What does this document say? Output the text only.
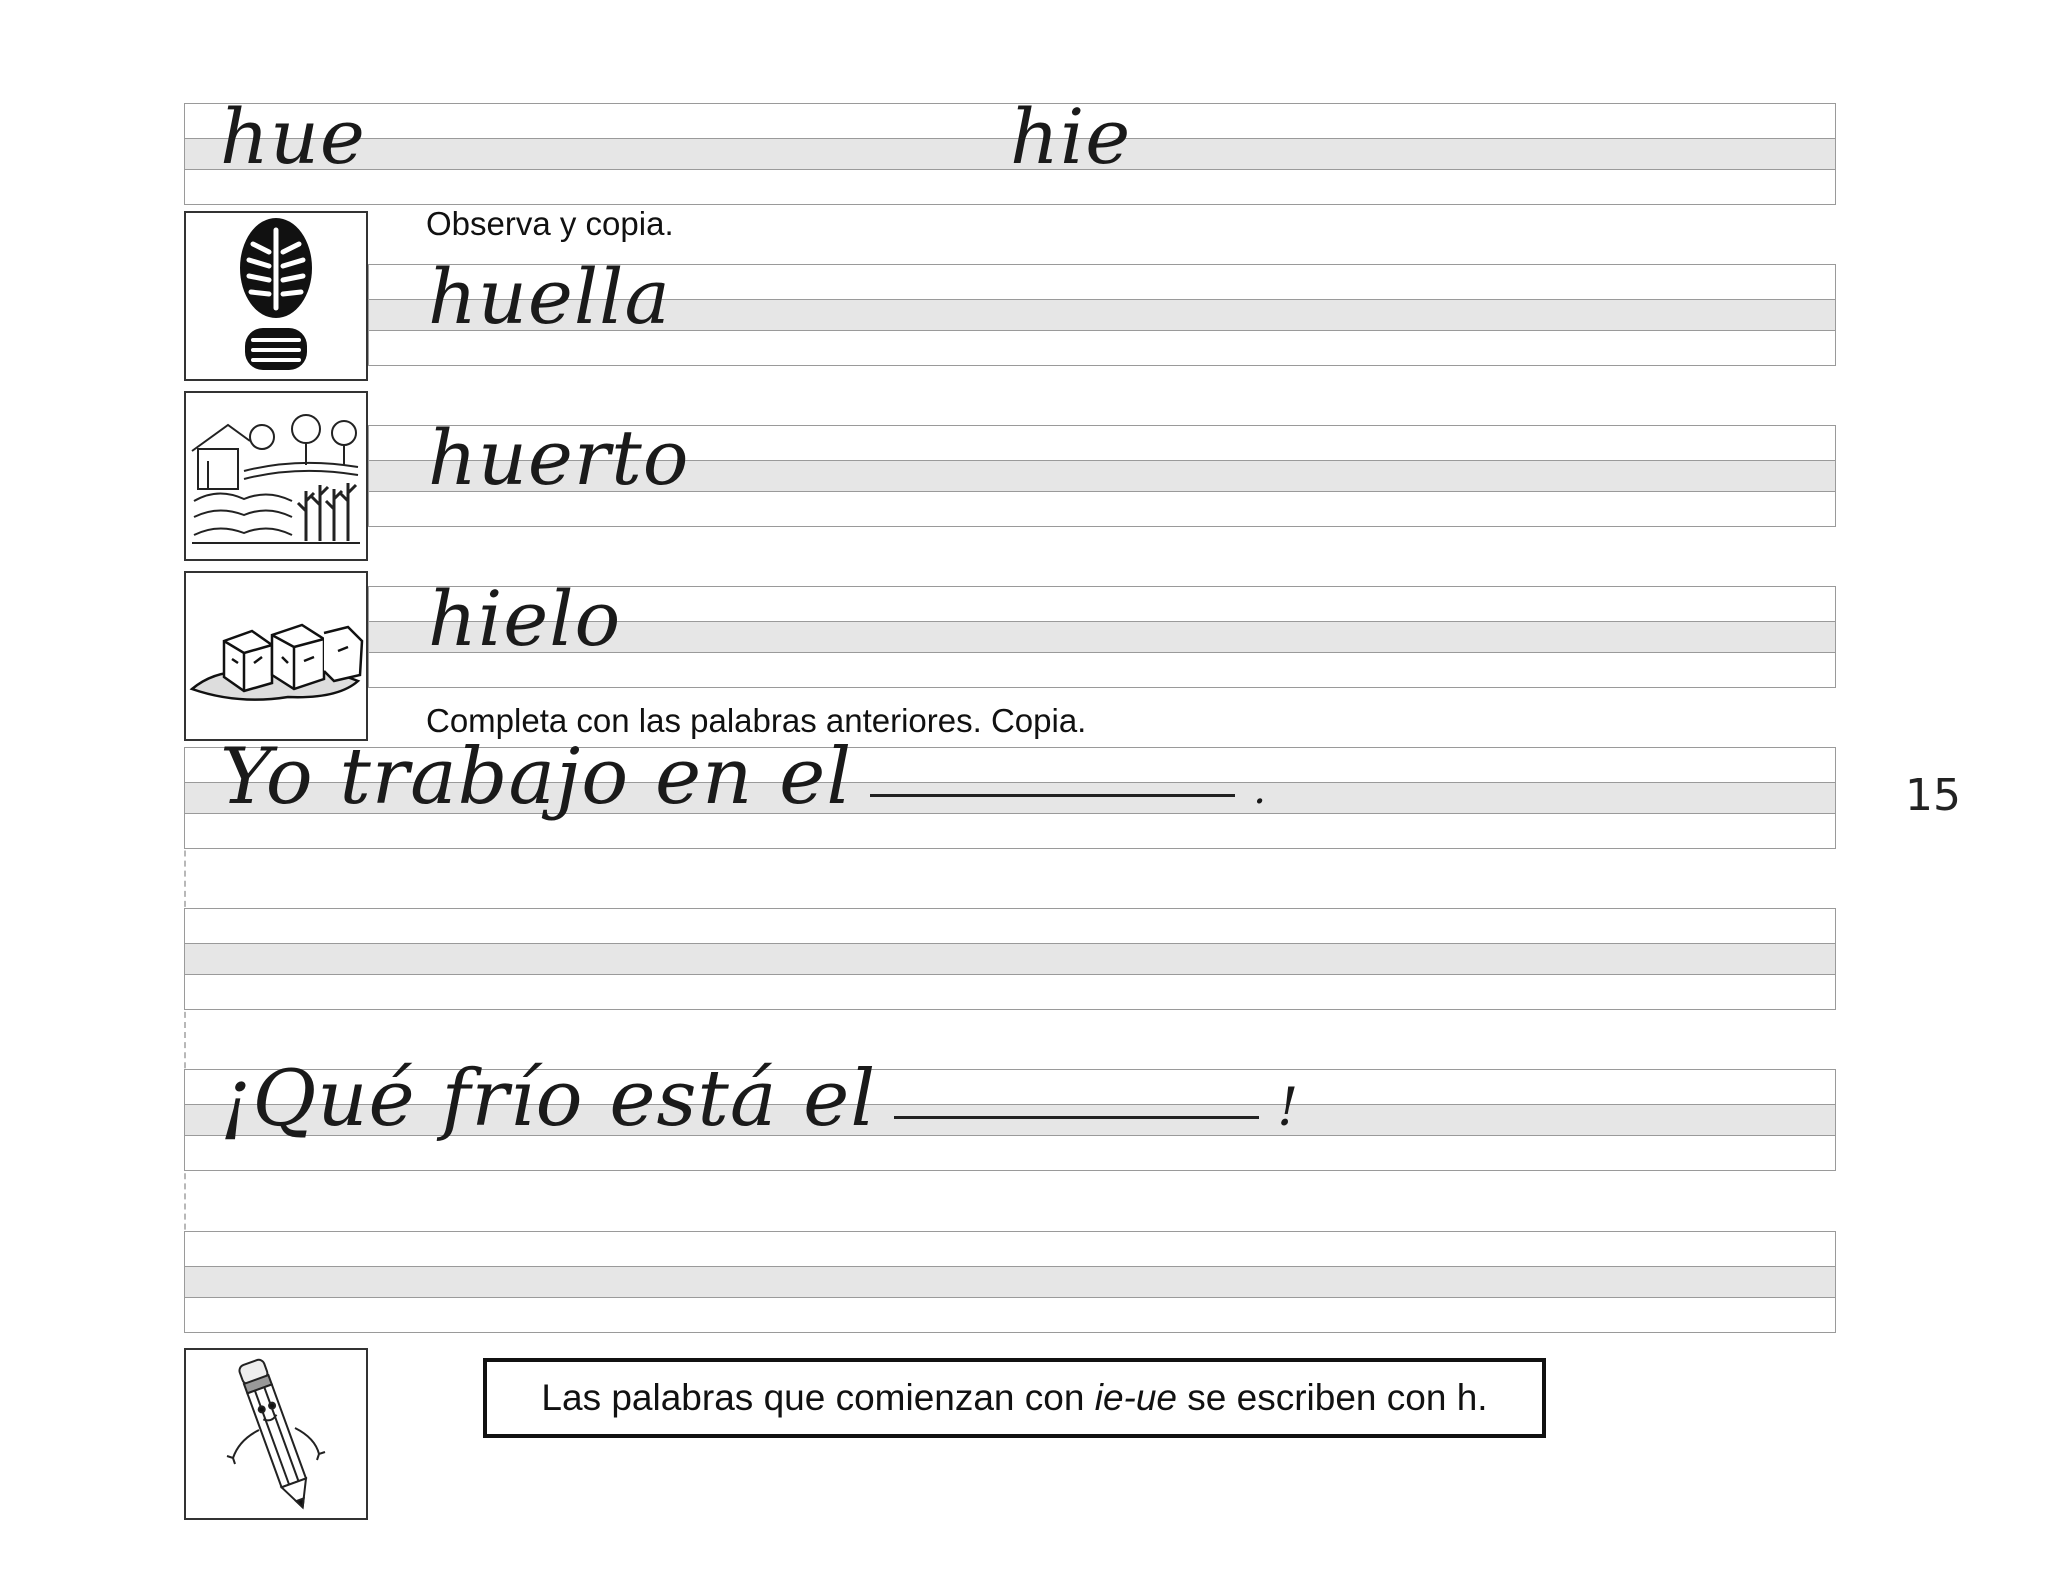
hue	hie
Observa y copia.
huella
huerto
hielo
Completa con las palabras anteriores. Copia.
Yo trabajo en el	.
¡Qué frío está el	!
Las palabras que comienzan con ie-ue se escriben con h.
15
